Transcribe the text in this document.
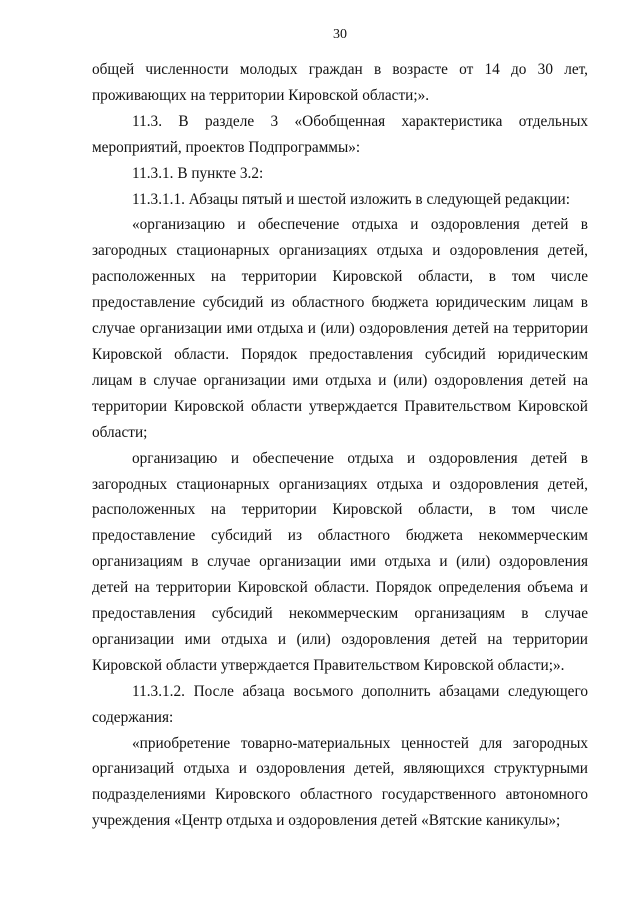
30

общей численности молодых граждан в возрасте от 14 до 30 лет, проживающих на территории Кировской области;».

11.3. В разделе 3 «Обобщенная характеристика отдельных мероприятий, проектов Подпрограммы»:

11.3.1. В пункте 3.2:

11.3.1.1. Абзацы пятый и шестой изложить в следующей редакции:

«организацию и обеспечение отдыха и оздоровления детей в загородных стационарных организациях отдыха и оздоровления детей, расположенных на территории Кировской области, в том числе предоставление субсидий из областного бюджета юридическим лицам в случае организации ими отдыха и (или) оздоровления детей на территории Кировской области. Порядок предоставления субсидий юридическим лицам в случае организации ими отдыха и (или) оздоровления детей на территории Кировской области утверждается Правительством Кировской области;

организацию и обеспечение отдыха и оздоровления детей в загородных стационарных организациях отдыха и оздоровления детей, расположенных на территории Кировской области, в том числе предоставление субсидий из областного бюджета некоммерческим организациям в случае организации ими отдыха и (или) оздоровления детей на территории Кировской области. Порядок определения объема и предоставления субсидий некоммерческим организациям в случае организации ими отдыха и (или) оздоровления детей на территории Кировской области утверждается Правительством Кировской области;».

11.3.1.2. После абзаца восьмого дополнить абзацами следующего содержания:

«приобретение товарно-материальных ценностей для загородных организаций отдыха и оздоровления детей, являющихся структурными подразделениями Кировского областного государственного автономного учреждения «Центр отдыха и оздоровления детей «Вятские каникулы»;
